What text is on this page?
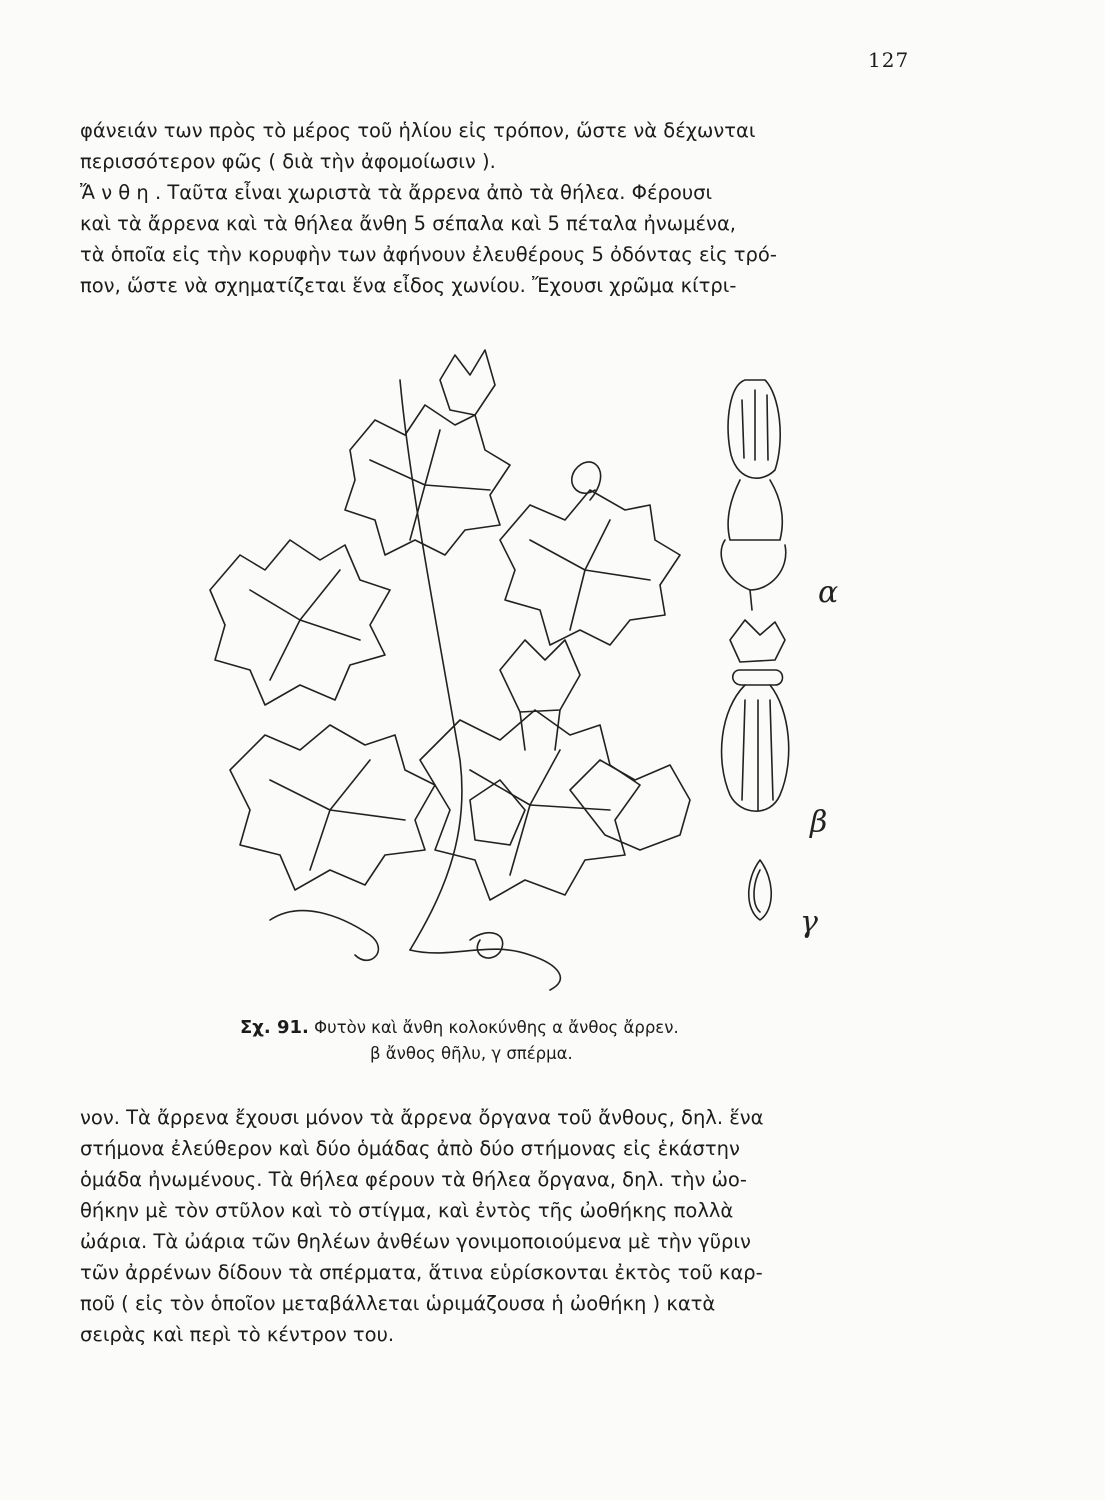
127

φάνειάν των πρὸς τὸ μέρος τοῦ ἡλίου εἰς τρόπον, ὥστε νὰ δέχωνται
περισσότερον φῶς ( διὰ τὴν ἀφομοίωσιν ).
Ἄ ν θ η . Ταῦτα εἶναι χωριστὰ τὰ ἄρρενα ἀπὸ τὰ θήλεα. Φέρουσι
καὶ τὰ ἄρρενα καὶ τὰ θήλεα ἄνθη 5 σέπαλα καὶ 5 πέταλα ἠνωμένα,
τὰ ὁποῖα εἰς τὴν κορυφὴν των ἀφήνουν ἐλευθέρους 5 ὀδόντας εἰς τρό-
πον, ὥστε νὰ σχηματίζεται ἕνα εἶδος χωνίου. Ἔχουσι χρῶμα κίτρι-

α
β
γ
Σχ. 91. Φυτὸν καὶ ἄνθη κολοκύνθης α ἄνθος ἄρρεν.
β ἄνθος θῆλυ, γ σπέρμα.

νον. Τὰ ἄρρενα ἔχουσι μόνον τὰ ἄρρενα ὄργανα τοῦ ἄνθους, δηλ. ἕνα
στήμονα ἐλεύθερον καὶ δύο ὁμάδας ἀπὸ δύο στήμονας εἰς ἑκάστην
ὁμάδα ἠνωμένους. Τὰ θήλεα φέρουν τὰ θήλεα ὄργανα, δηλ. τὴν ὠο-
θήκην μὲ τὸν στῦλον καὶ τὸ στίγμα, καὶ ἐντὸς τῆς ὠοθήκης πολλὰ
ὠάρια. Τὰ ὠάρια τῶν θηλέων ἀνθέων γονιμοποιούμενα μὲ τὴν γῦριν
τῶν ἀρρένων δίδουν τὰ σπέρματα, ἅτινα εὑρίσκονται ἐκτὸς τοῦ καρ-
ποῦ ( εἰς τὸν ὁποῖον μεταβάλλεται ὡριμάζουσα ἡ ὠοθήκη ) κατὰ
σειρὰς καὶ περὶ τὸ κέντρον του.
